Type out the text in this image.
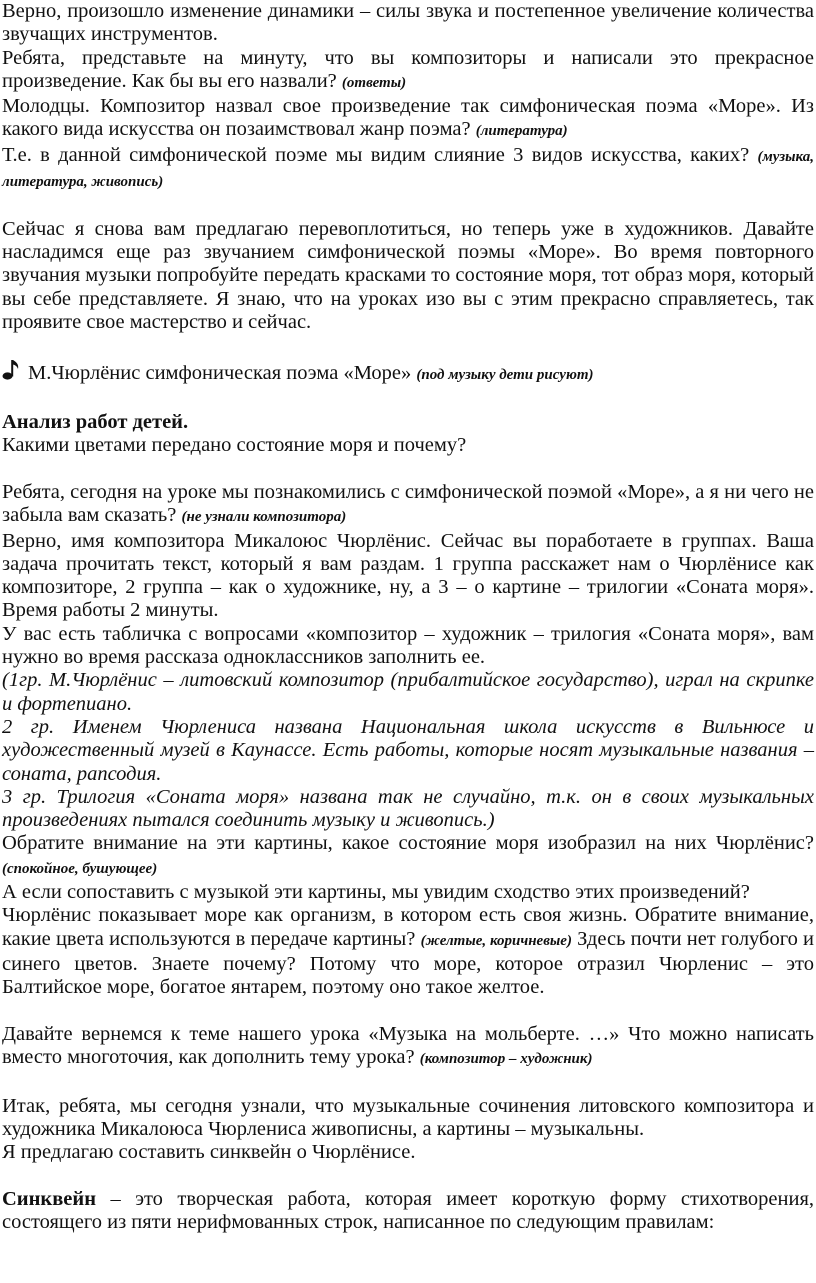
Верно, произошло изменение динамики – силы звука и постепенное увеличение количества звучащих инструментов.

Ребята, представьте на минуту, что вы композиторы и написали это прекрасное произведение. Как бы вы его назвали? (ответы)

Молодцы. Композитор назвал свое произведение так симфоническая поэма «Море». Из какого вида искусства он позаимствовал жанр поэма? (литература)

Т.е. в данной симфонической поэме мы видим слияние 3 видов искусства, каких? (музыка, литература, живопись)

Сейчас я снова вам предлагаю перевоплотиться, но теперь уже в художников. Давайте насладимся еще раз звучанием симфонической поэмы «Море». Во время повторного звучания музыки попробуйте передать красками то состояние моря, тот образ моря, который вы себе представляете. Я знаю, что на уроках изо вы с этим прекрасно справляетесь, так проявите свое мастерство и сейчас.

М.Чюрлёнис симфоническая поэма «Море»
(под музыку дети рисуют)

Анализ работ детей.

Какими цветами передано состояние моря и почему?

Ребята, сегодня на уроке мы познакомились с симфонической поэмой «Море», а я ни чего не забыла вам сказать? (не узнали композитора)

Верно, имя композитора Микалоюс Чюрлёнис. Сейчас вы поработаете в группах. Ваша задача прочитать текст, который я вам раздам. 1 группа расскажет нам о Чюрлёнисе как композиторе, 2 группа – как о художнике, ну, а 3 – о картине – трилогии «Соната моря». Время работы 2 минуты.

У вас есть табличка с вопросами «композитор – художник – трилогия «Соната моря», вам нужно во время рассказа одноклассников заполнить ее.

(1гр. М.Чюрлёнис – литовский композитор (прибалтийское государство), играл на скрипке и фортепиано.

2 гр. Именем Чюрлениса названа Национальная школа искусств в Вильнюсе и

художественный музей в Каунассе. Есть работы, которые носят музыкальные названия – соната, рапсодия.

3 гр. Трилогия «Соната моря» названа так не случайно, т.к. он в своих музыкальных произведениях пытался соединить музыку и живопись.)

Обратите внимание на эти картины, какое состояние моря изобразил на них Чюрлёнис? (спокойное, бушующее)

А если сопоставить с музыкой эти картины, мы увидим сходство этих произведений?

Чюрлёнис показывает море как организм, в котором есть своя жизнь. Обратите внимание, какие цвета используются в передаче картины? (желтые, коричневые) Здесь почти нет голубого и синего цветов. Знаете почему? Потому что море, которое отразил Чюрленис – это Балтийское море, богатое янтарем, поэтому оно такое желтое.

Давайте вернемся к теме нашего урока «Музыка на мольберте. …» Что можно написать вместо многоточия, как дополнить тему урока? (композитор – художник)

Итак, ребята, мы сегодня узнали, что музыкальные сочинения литовского композитора и художника Микалоюса Чюрлениса живописны, а картины – музыкальны.

Я предлагаю составить синквейн о Чюрлёнисе.

Синквейн – это творческая работа, которая имеет короткую форму стихотворения, состоящего из пяти нерифмованных строк, написанное по следующим правилам:
